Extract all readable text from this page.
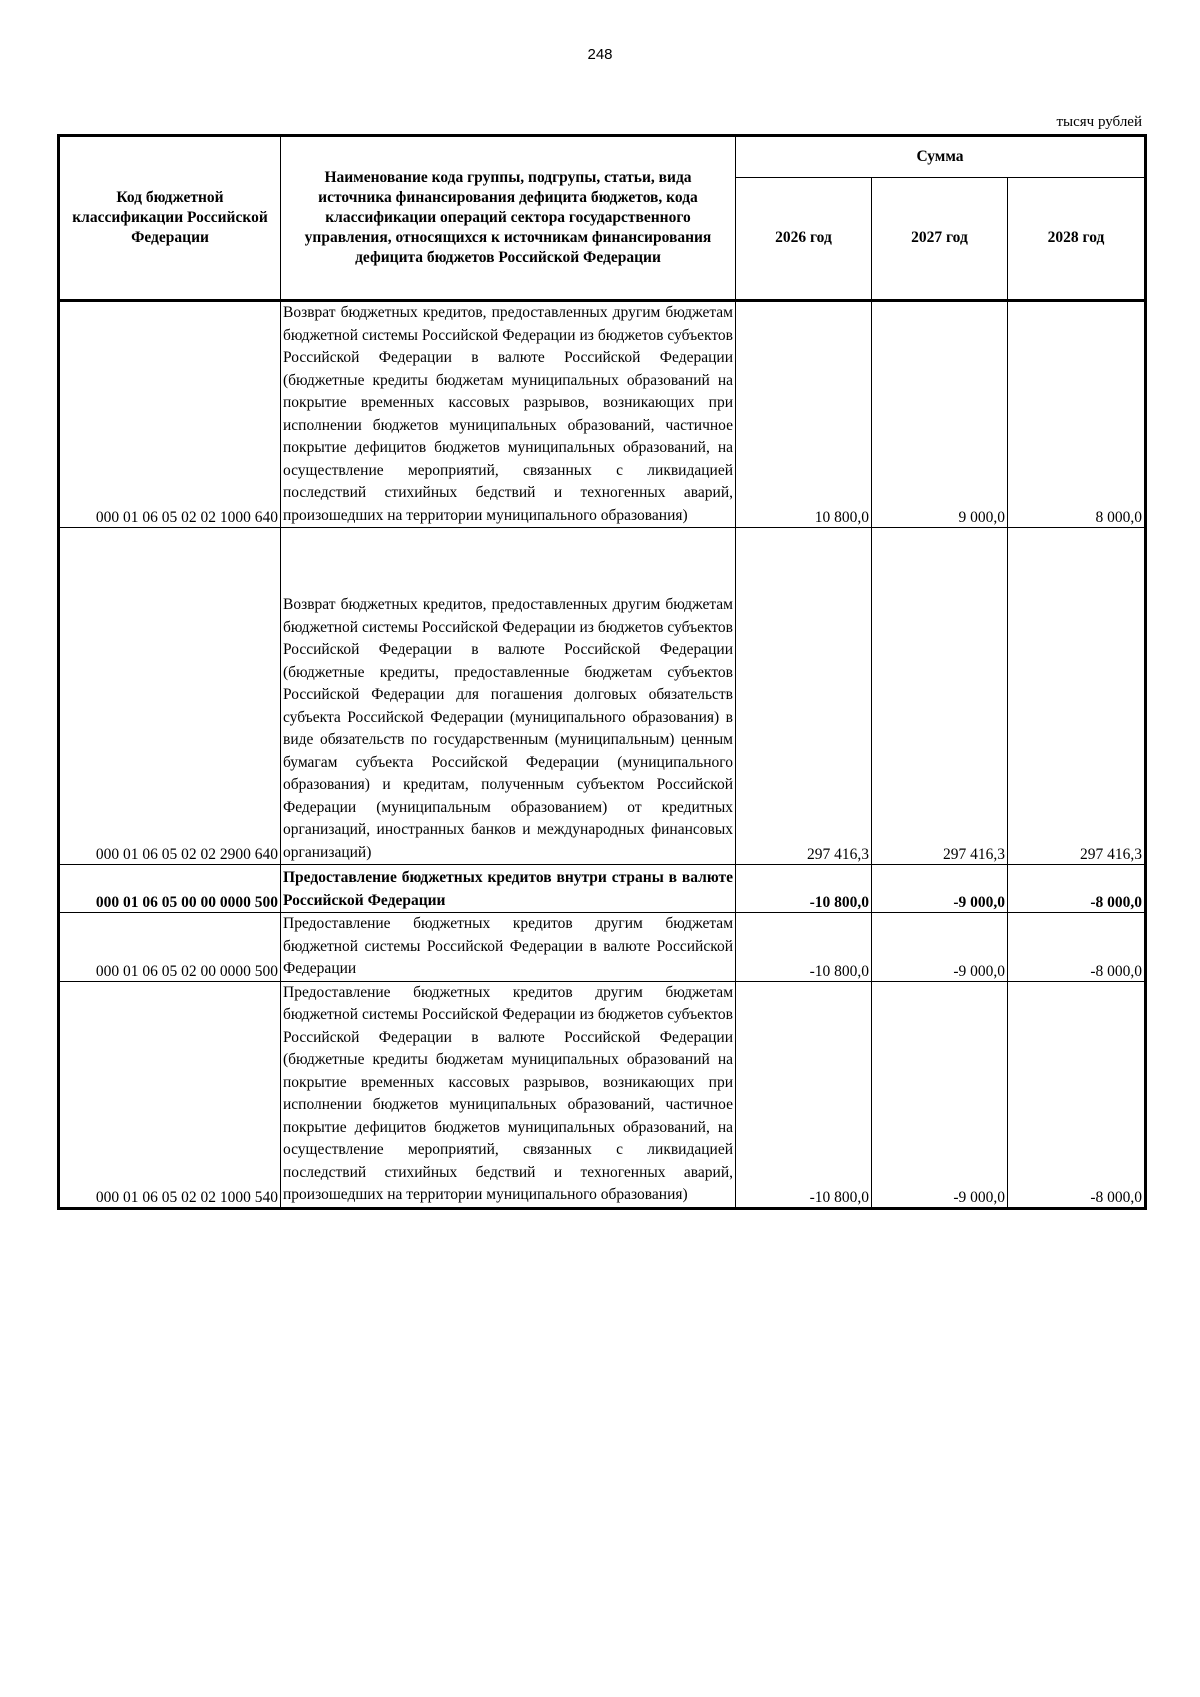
248
тысяч рублей
Код бюджетной классификации Российской Федерации	Наименование кода группы, подгрупы, статьи, вида источника финансирования дефицита бюджетов, кода классификации операций сектора государственного управления, относящихся к источникам финансирования дефицита бюджетов Российской Федерации	Сумма		
		2026 год	2027 год	2028 год
000 01 06 05 02 02 1000 640	Возврат бюджетных кредитов, предоставленных другим бюджетам бюджетной системы Российской Федерации из бюджетов субъектов Российской Федерации в валюте Российской Федерации (бюджетные кредиты бюджетам муниципальных образований на покрытие временных кассовых разрывов, возникающих при исполнении бюджетов муниципальных образований, частичное покрытие дефицитов бюджетов муниципальных образований, на осуществление мероприятий, связанных с ликвидацией последствий стихийных бедствий и техногенных аварий, произошедших на территории муниципального образования)	10 800,0	9 000,0	8 000,0
000 01 06 05 02 02 2900 640	Возврат бюджетных кредитов, предоставленных другим бюджетам бюджетной системы Российской Федерации из бюджетов субъектов Российской Федерации в валюте Российской Федерации (бюджетные кредиты, предоставленные бюджетам субъектов Российской Федерации для погашения долговых обязательств субъекта Российской Федерации (муниципального образования) в виде обязательств по государственным (муниципальным) ценным бумагам субъекта Российской Федерации (муниципального образования) и кредитам, полученным субъектом Российской Федерации (муниципальным образованием) от кредитных организаций, иностранных банков и международных финансовых организаций)	297 416,3	297 416,3	297 416,3
000 01 06 05 00 00 0000 500	Предоставление бюджетных кредитов внутри страны в валюте Российской Федерации	-10 800,0	-9 000,0	-8 000,0
000 01 06 05 02 00 0000 500	Предоставление бюджетных кредитов другим бюджетам бюджетной системы Российской Федерации в валюте Российской Федерации	-10 800,0	-9 000,0	-8 000,0
000 01 06 05 02 02 1000 540	Предоставление бюджетных кредитов другим бюджетам бюджетной системы Российской Федерации из бюджетов субъектов Российской Федерации в валюте Российской Федерации (бюджетные кредиты бюджетам муниципальных образований на покрытие временных кассовых разрывов, возникающих при исполнении бюджетов муниципальных образований, частичное покрытие дефицитов бюджетов муниципальных образований, на осуществление мероприятий, связанных с ликвидацией последствий стихийных бедствий и техногенных аварий, произошедших на территории муниципального образования)	-10 800,0	-9 000,0	-8 000,0
